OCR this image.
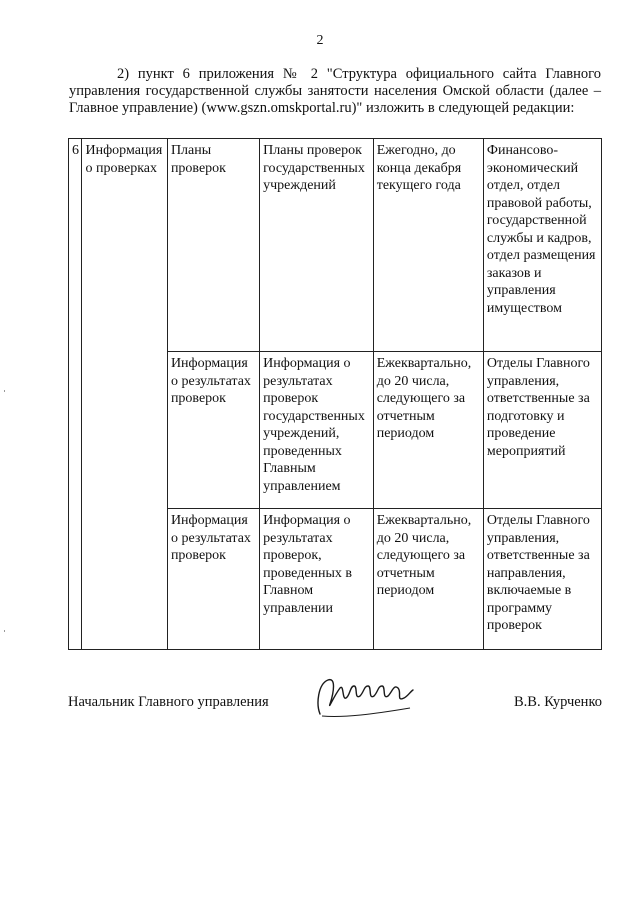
2
2) пункт 6 приложения № 2 "Структура официального сайта Главного управления государственной службы занятости населения Омской области (далее – Главное управление) (www.gszn.omskportal.ru)" изложить в следующей редакции:
6	Информация о проверках	Планы проверок	Планы проверок государственных учреждений	Ежегодно, до конца декабря текущего года	Финансово-экономический отдел, отдел правовой работы, государственной службы и кадров, отдел размещения заказов и управления имуществом
		Информация о результатах проверок	Информация о результатах проверок государственных учреждений, проведенных Главным управлением	Ежеквартально, до 20 числа, следующего за отчетным периодом	Отделы Главного управления, ответственные за подготовку и проведение мероприятий
		Информация о результатах проверок	Информация о результатах проверок, проведенных в Главном управлении	Ежеквартально, до 20 числа, следующего за отчетным периодом	Отделы Главного управления, ответственные за направления, включаемые в программу проверок
Начальник Главного управления	В.В. Курченко
